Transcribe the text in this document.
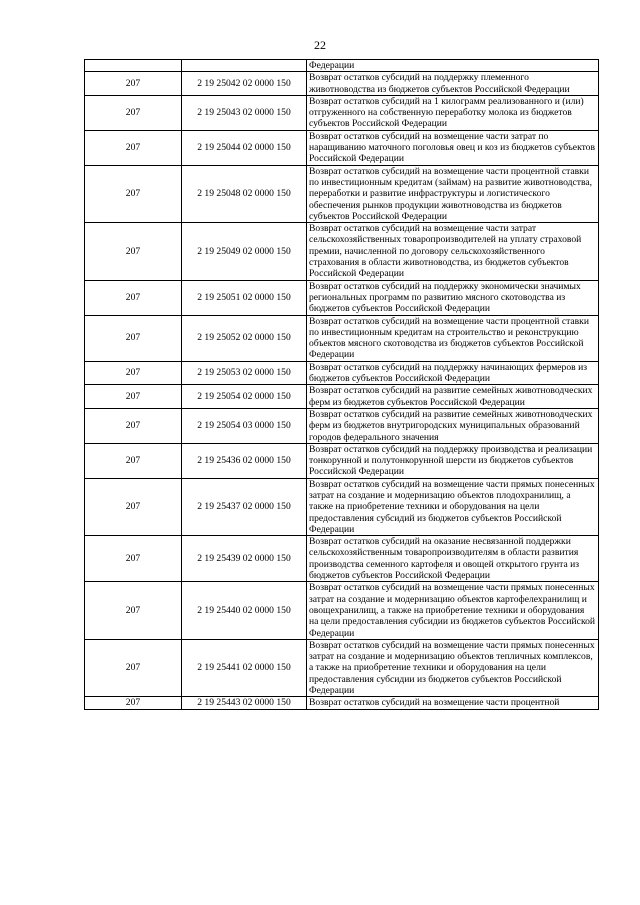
22
		Федерации
207	2 19 25042 02 0000 150	Возврат остатков субсидий на поддержку племенного животноводства из бюджетов субъектов Российской Федерации
207	2 19 25043 02 0000 150	Возврат остатков субсидий на 1 килограмм реализованного и (или) отгруженного на собственную переработку молока из бюджетов субъектов Российской Федерации
207	2 19 25044 02 0000 150	Возврат остатков субсидий на возмещение части затрат по наращиванию маточного поголовья овец и коз из бюджетов субъектов Российской Федерации
207	2 19 25048 02 0000 150	Возврат остатков субсидий на возмещение части процентной ставки по инвестиционным кредитам (займам) на развитие животноводства, переработки и развитие инфраструктуры и логистического обеспечения рынков продукции животноводства из бюджетов субъектов Российской Федерации
207	2 19 25049 02 0000 150	Возврат остатков субсидий на возмещение части затрат сельскохозяйственных товаропроизводителей на уплату страховой премии, начисленной по договору сельскохозяйственного страхования в области животноводства, из бюджетов субъектов Российской Федерации
207	2 19 25051 02 0000 150	Возврат остатков субсидий на поддержку экономически значимых региональных программ по развитию мясного скотоводства из бюджетов субъектов Российской Федерации
207	2 19 25052 02 0000 150	Возврат остатков субсидий на возмещение части процентной ставки по инвестиционным кредитам на строительство и реконструкцию объектов мясного скотоводства из бюджетов субъектов Российской Федерации
207	2 19 25053 02 0000 150	Возврат остатков субсидий на поддержку начинающих фермеров из бюджетов субъектов Российской Федерации
207	2 19 25054 02 0000 150	Возврат остатков субсидий на развитие семейных животноводческих ферм из бюджетов субъектов Российской Федерации
207	2 19 25054 03 0000 150	Возврат остатков субсидий на развитие семейных животноводческих ферм из бюджетов внутригородских муниципальных образований городов федерального значения
207	2 19 25436 02 0000 150	Возврат остатков субсидий на поддержку производства и реализации тонкорунной и полутонкорунной шерсти из бюджетов субъектов Российской Федерации
207	2 19 25437 02 0000 150	Возврат остатков субсидий на возмещение части прямых понесенных затрат на создание и модернизацию объектов плодохранилищ, а также на приобретение техники и оборудования на цели предоставления субсидий из бюджетов субъектов Российской Федерации
207	2 19 25439 02 0000 150	Возврат остатков субсидий на оказание несвязанной поддержки сельскохозяйственным товаропроизводителям в области развития производства семенного картофеля и овощей открытого грунта из бюджетов субъектов Российской Федерации
207	2 19 25440 02 0000 150	Возврат остатков субсидий на возмещение части прямых понесенных затрат на создание и модернизацию объектов картофелехранилищ и овощехранилищ, а также на приобретение техники и оборудования на цели предоставления субсидии из бюджетов субъектов Российской Федерации
207	2 19 25441 02 0000 150	Возврат остатков субсидий на возмещение части прямых понесенных затрат на создание и модернизацию объектов тепличных комплексов, а также на приобретение техники и оборудования на цели предоставления субсидии из бюджетов субъектов Российской Федерации
207	2 19 25443 02 0000 150	Возврат остатков субсидий на возмещение части процентной
